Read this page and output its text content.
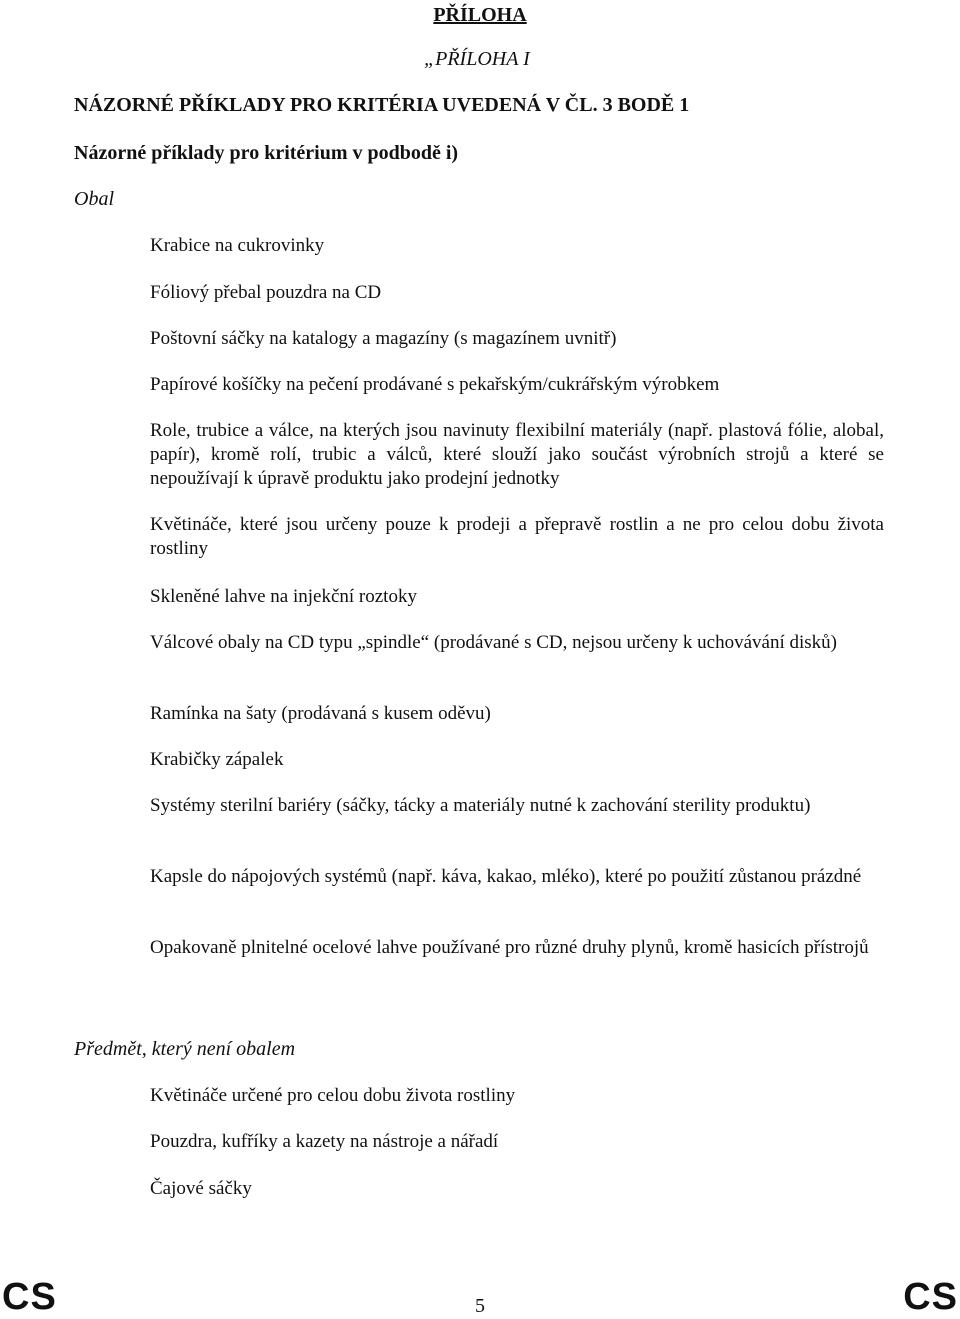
PŘÍLOHA
„PŘÍLOHA I
NÁZORNÉ PŘÍKLADY PRO KRITÉRIA UVEDENÁ V ČL. 3 BODĚ 1
Názorné příklady pro kritérium v podbodě i)
Obal
Krabice na cukrovinky
Fóliový přebal pouzdra na CD
Poštovní sáčky na katalogy a magazíny (s magazínem uvnitř)
Papírové košíčky na pečení prodávané s pekařským/cukrářským výrobkem
Role, trubice a válce, na kterých jsou navinuty flexibilní materiály (např. plastová fólie, alobal, papír), kromě rolí, trubic a válců, které slouží jako součást výrobních strojů a které se nepoužívají k úpravě produktu jako prodejní jednotky
Květináče, které jsou určeny pouze k prodeji a přepravě rostlin a ne pro celou dobu života rostliny
Skleněné lahve na injekční roztoky
Válcové obaly na CD typu „spindle“ (prodávané s CD, nejsou určeny k uchovávání disků)
Ramínka na šaty (prodávaná s kusem oděvu)
Krabičky zápalek
Systémy sterilní bariéry (sáčky, tácky a materiály nutné k zachování sterility produktu)
Kapsle do nápojových systémů (např. káva, kakao, mléko), které po použití zůstanou prázdné
Opakovaně plnitelné ocelové lahve používané pro různé druhy plynů, kromě hasicích přístrojů
Předmět, který není obalem
Květináče určené pro celou dobu života rostliny
Pouzdra, kufříky a kazety na nástroje a nářadí
Čajové sáčky
CS	5	CS
